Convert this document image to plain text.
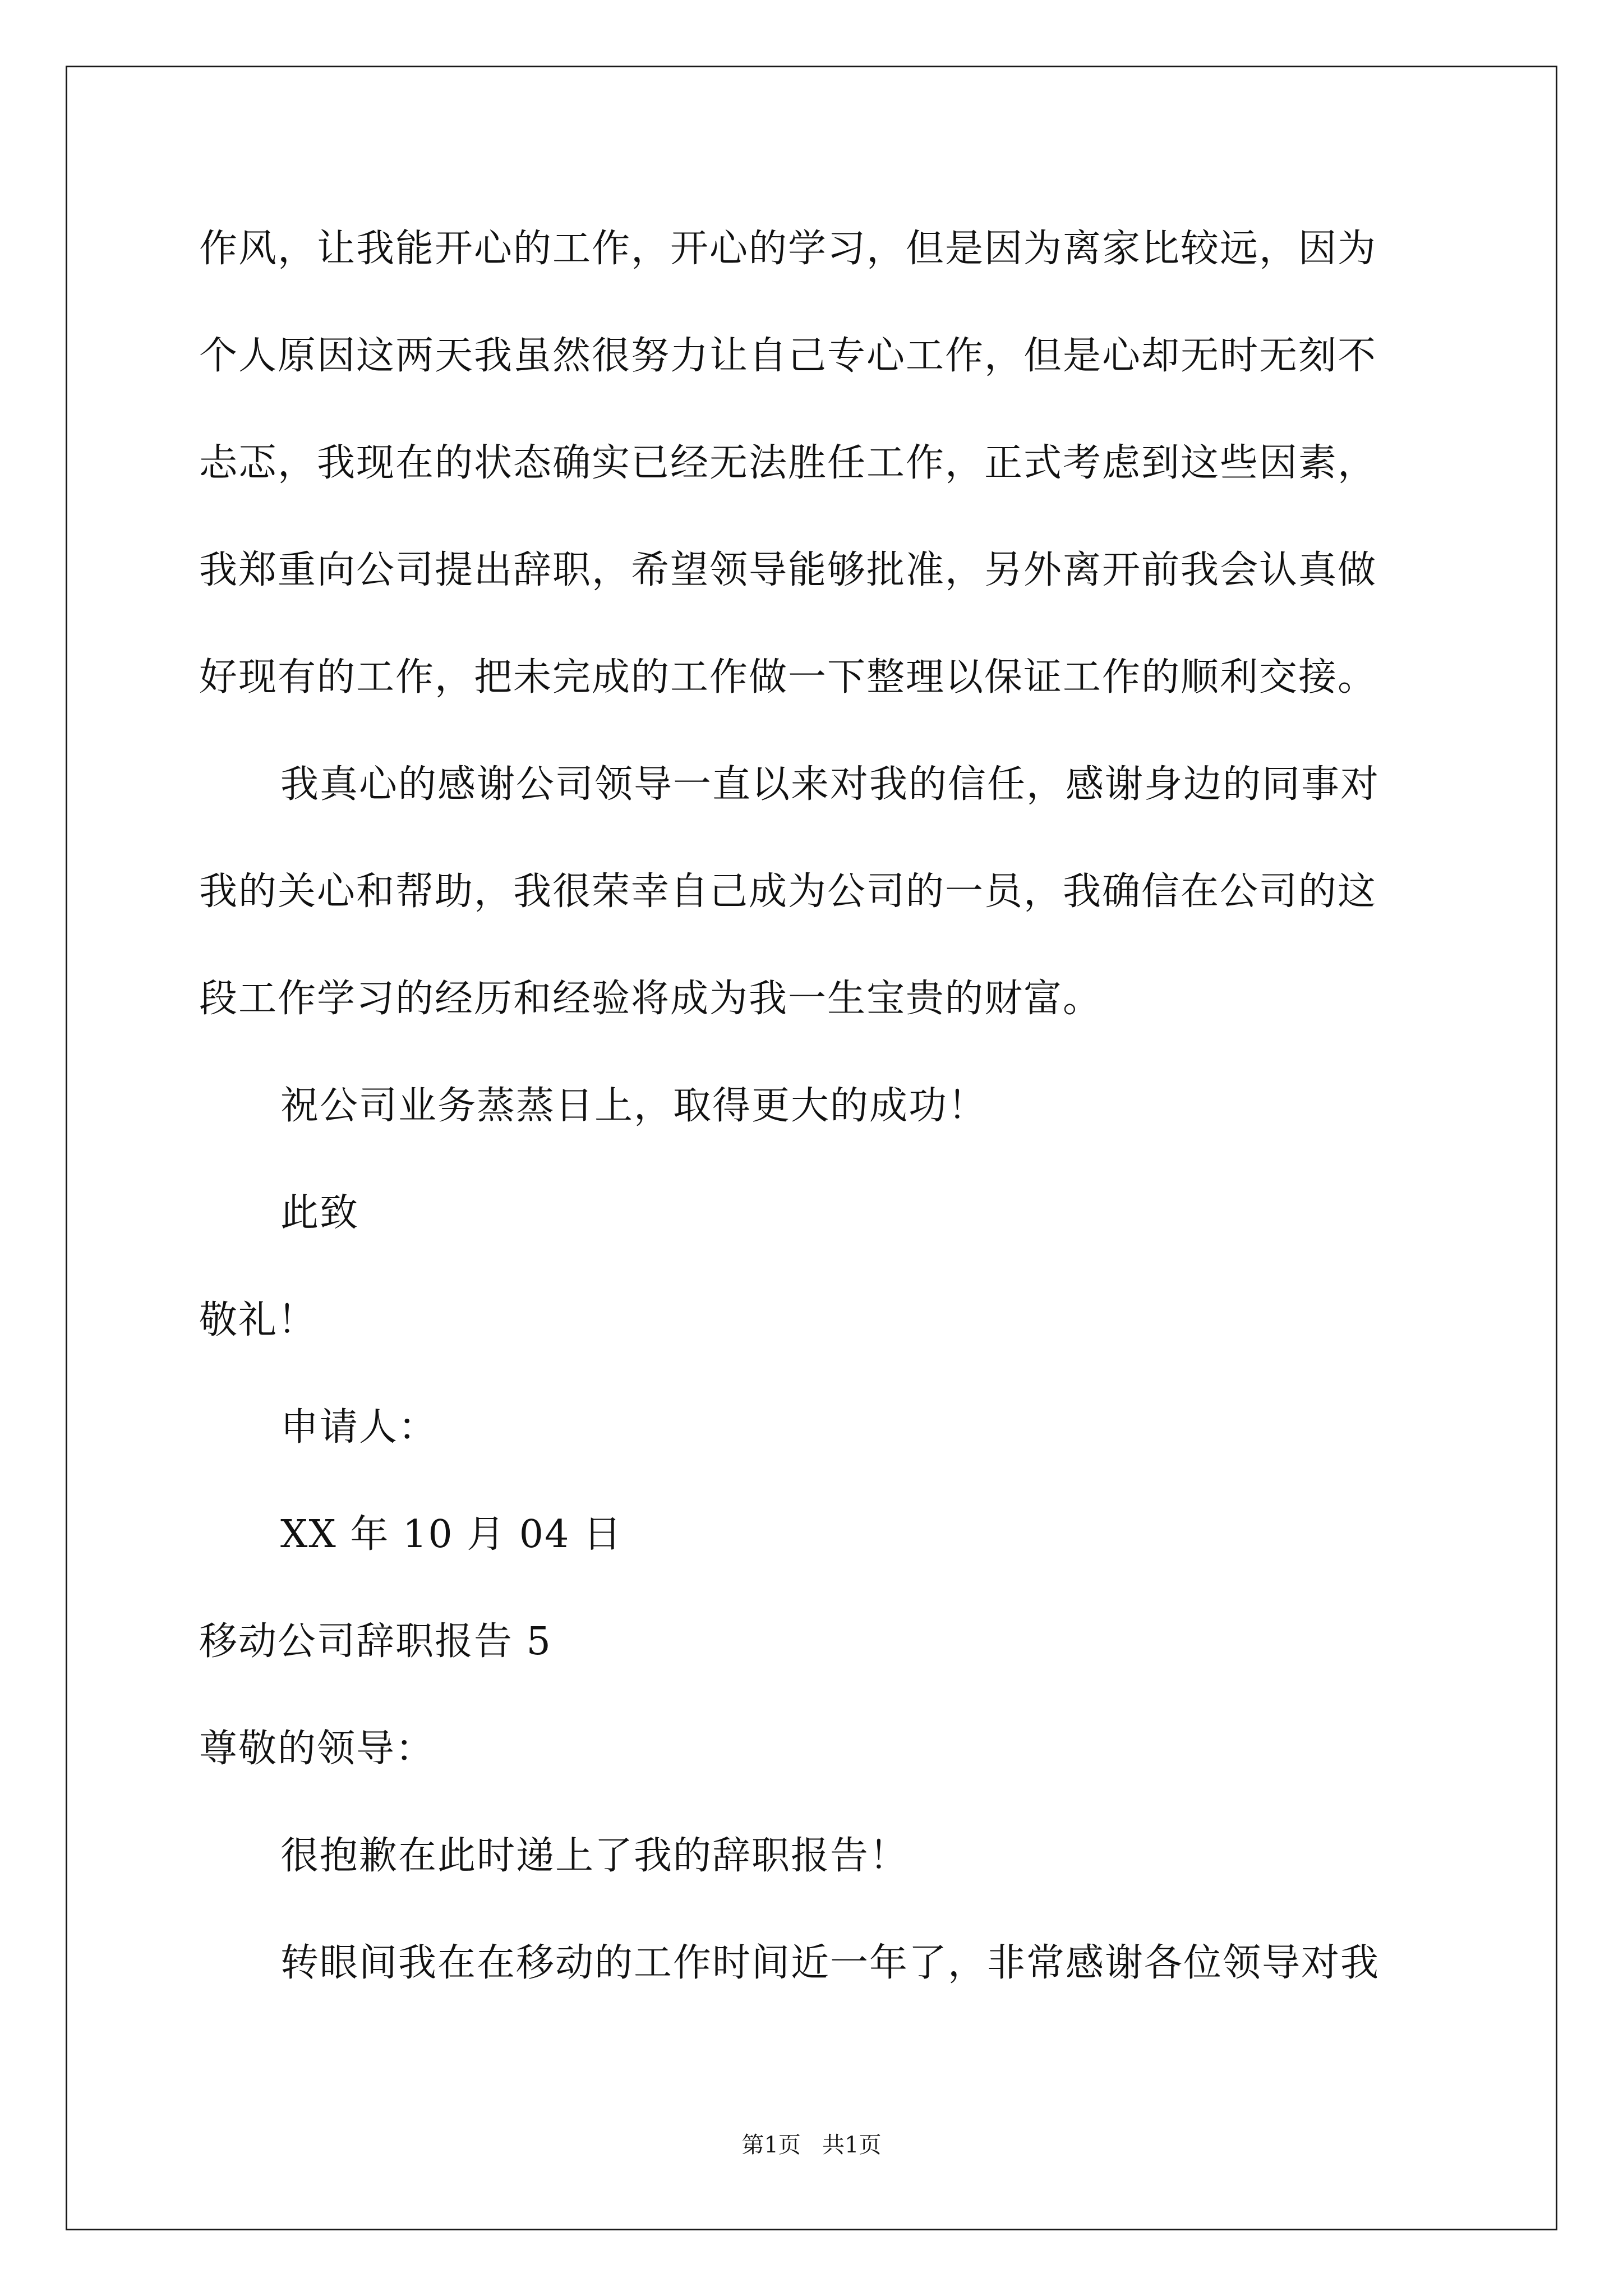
作风，让我能开心的工作，开心的学习，但是因为离家比较远，因为
个人原因这两天我虽然很努力让自己专心工作，但是心却无时无刻不
忐忑，我现在的状态确实已经无法胜任工作，正式考虑到这些因素，
我郑重向公司提出辞职，希望领导能够批准，另外离开前我会认真做
好现有的工作，把未完成的工作做一下整理以保证工作的顺利交接。
我真心的感谢公司领导一直以来对我的信任，感谢身边的同事对
我的关心和帮助，我很荣幸自己成为公司的一员，我确信在公司的这
段工作学习的经历和经验将成为我一生宝贵的财富。
祝公司业务蒸蒸日上，取得更大的成功！
此致
敬礼！
申请人：
XX 年 10 月 04 日
移动公司辞职报告 5
尊敬的领导：
很抱歉在此时递上了我的辞职报告！
转眼间我在在移动的工作时间近一年了，非常感谢各位领导对我
第1页   共1页
